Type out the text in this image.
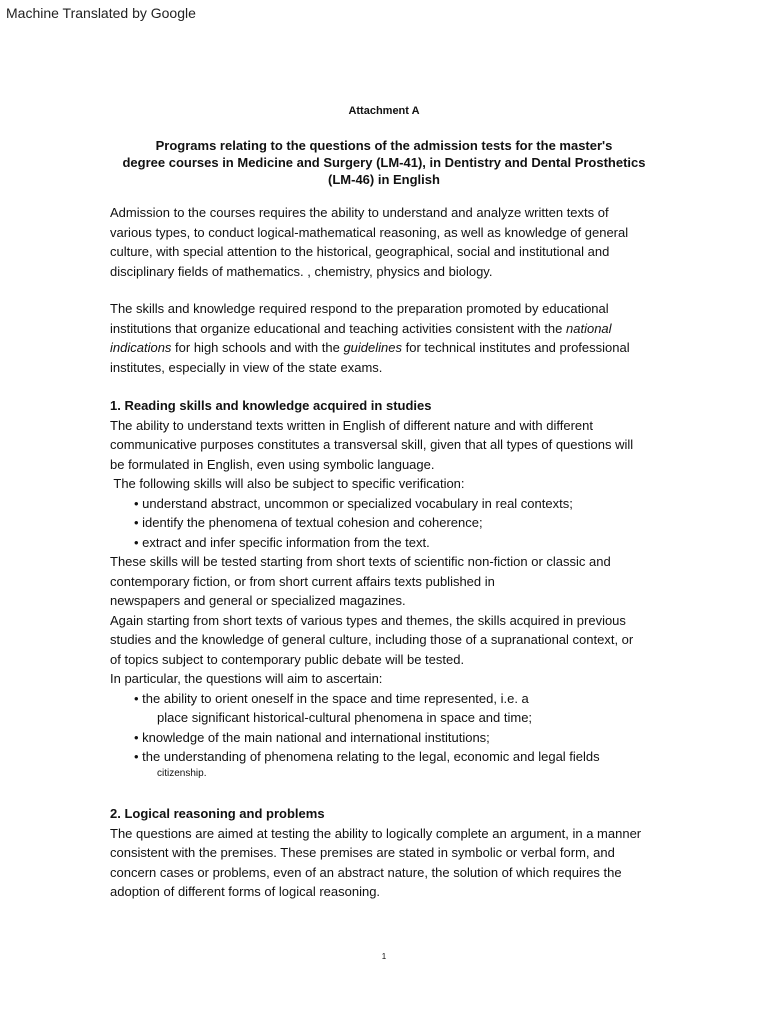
Machine Translated by Google
Attachment A
Programs relating to the questions of the admission tests for the master's
degree courses in Medicine and Surgery (LM-41), in Dentistry and Dental Prosthetics
(LM-46) in English

Admission to the courses requires the ability to understand and analyze written texts of

various types, to conduct logical-mathematical reasoning, as well as knowledge of general

culture, with special attention to the historical, geographical, social and institutional and

disciplinary fields of mathematics. , chemistry, physics and biology.

The skills and knowledge required respond to the preparation promoted by educational

institutions that organize educational and teaching activities consistent with the national

indications for high schools and with the guidelines for technical institutes and professional

institutes, especially in view of the state exams.

1. Reading skills and knowledge acquired in studies

The ability to understand texts written in English of different nature and with different

communicative purposes constitutes a transversal skill, given that all types of questions will

be formulated in English, even using symbolic language.

The following skills will also be subject to specific verification:

• understand abstract, uncommon or specialized vocabulary in real contexts;

• identify the phenomena of textual cohesion and coherence;

• extract and infer specific information from the text.

These skills will be tested starting from short texts of scientific non-fiction or classic and

contemporary fiction, or from short current affairs texts published in

newspapers and general or specialized magazines.

Again starting from short texts of various types and themes, the skills acquired in previous

studies and the knowledge of general culture, including those of a supranational context, or

of topics subject to contemporary public debate will be tested.

In particular, the questions will aim to ascertain:

• the ability to orient oneself in the space and time represented, i.e. a

place significant historical-cultural phenomena in space and time;

• knowledge of the main national and international institutions;

• the understanding of phenomena relating to the legal, economic and legal fields

citizenship.

2. Logical reasoning and problems

The questions are aimed at testing the ability to logically complete an argument, in a manner

consistent with the premises. These premises are stated in symbolic or verbal form, and

concern cases or problems, even of an abstract nature, the solution of which requires the

adoption of different forms of logical reasoning.

1
